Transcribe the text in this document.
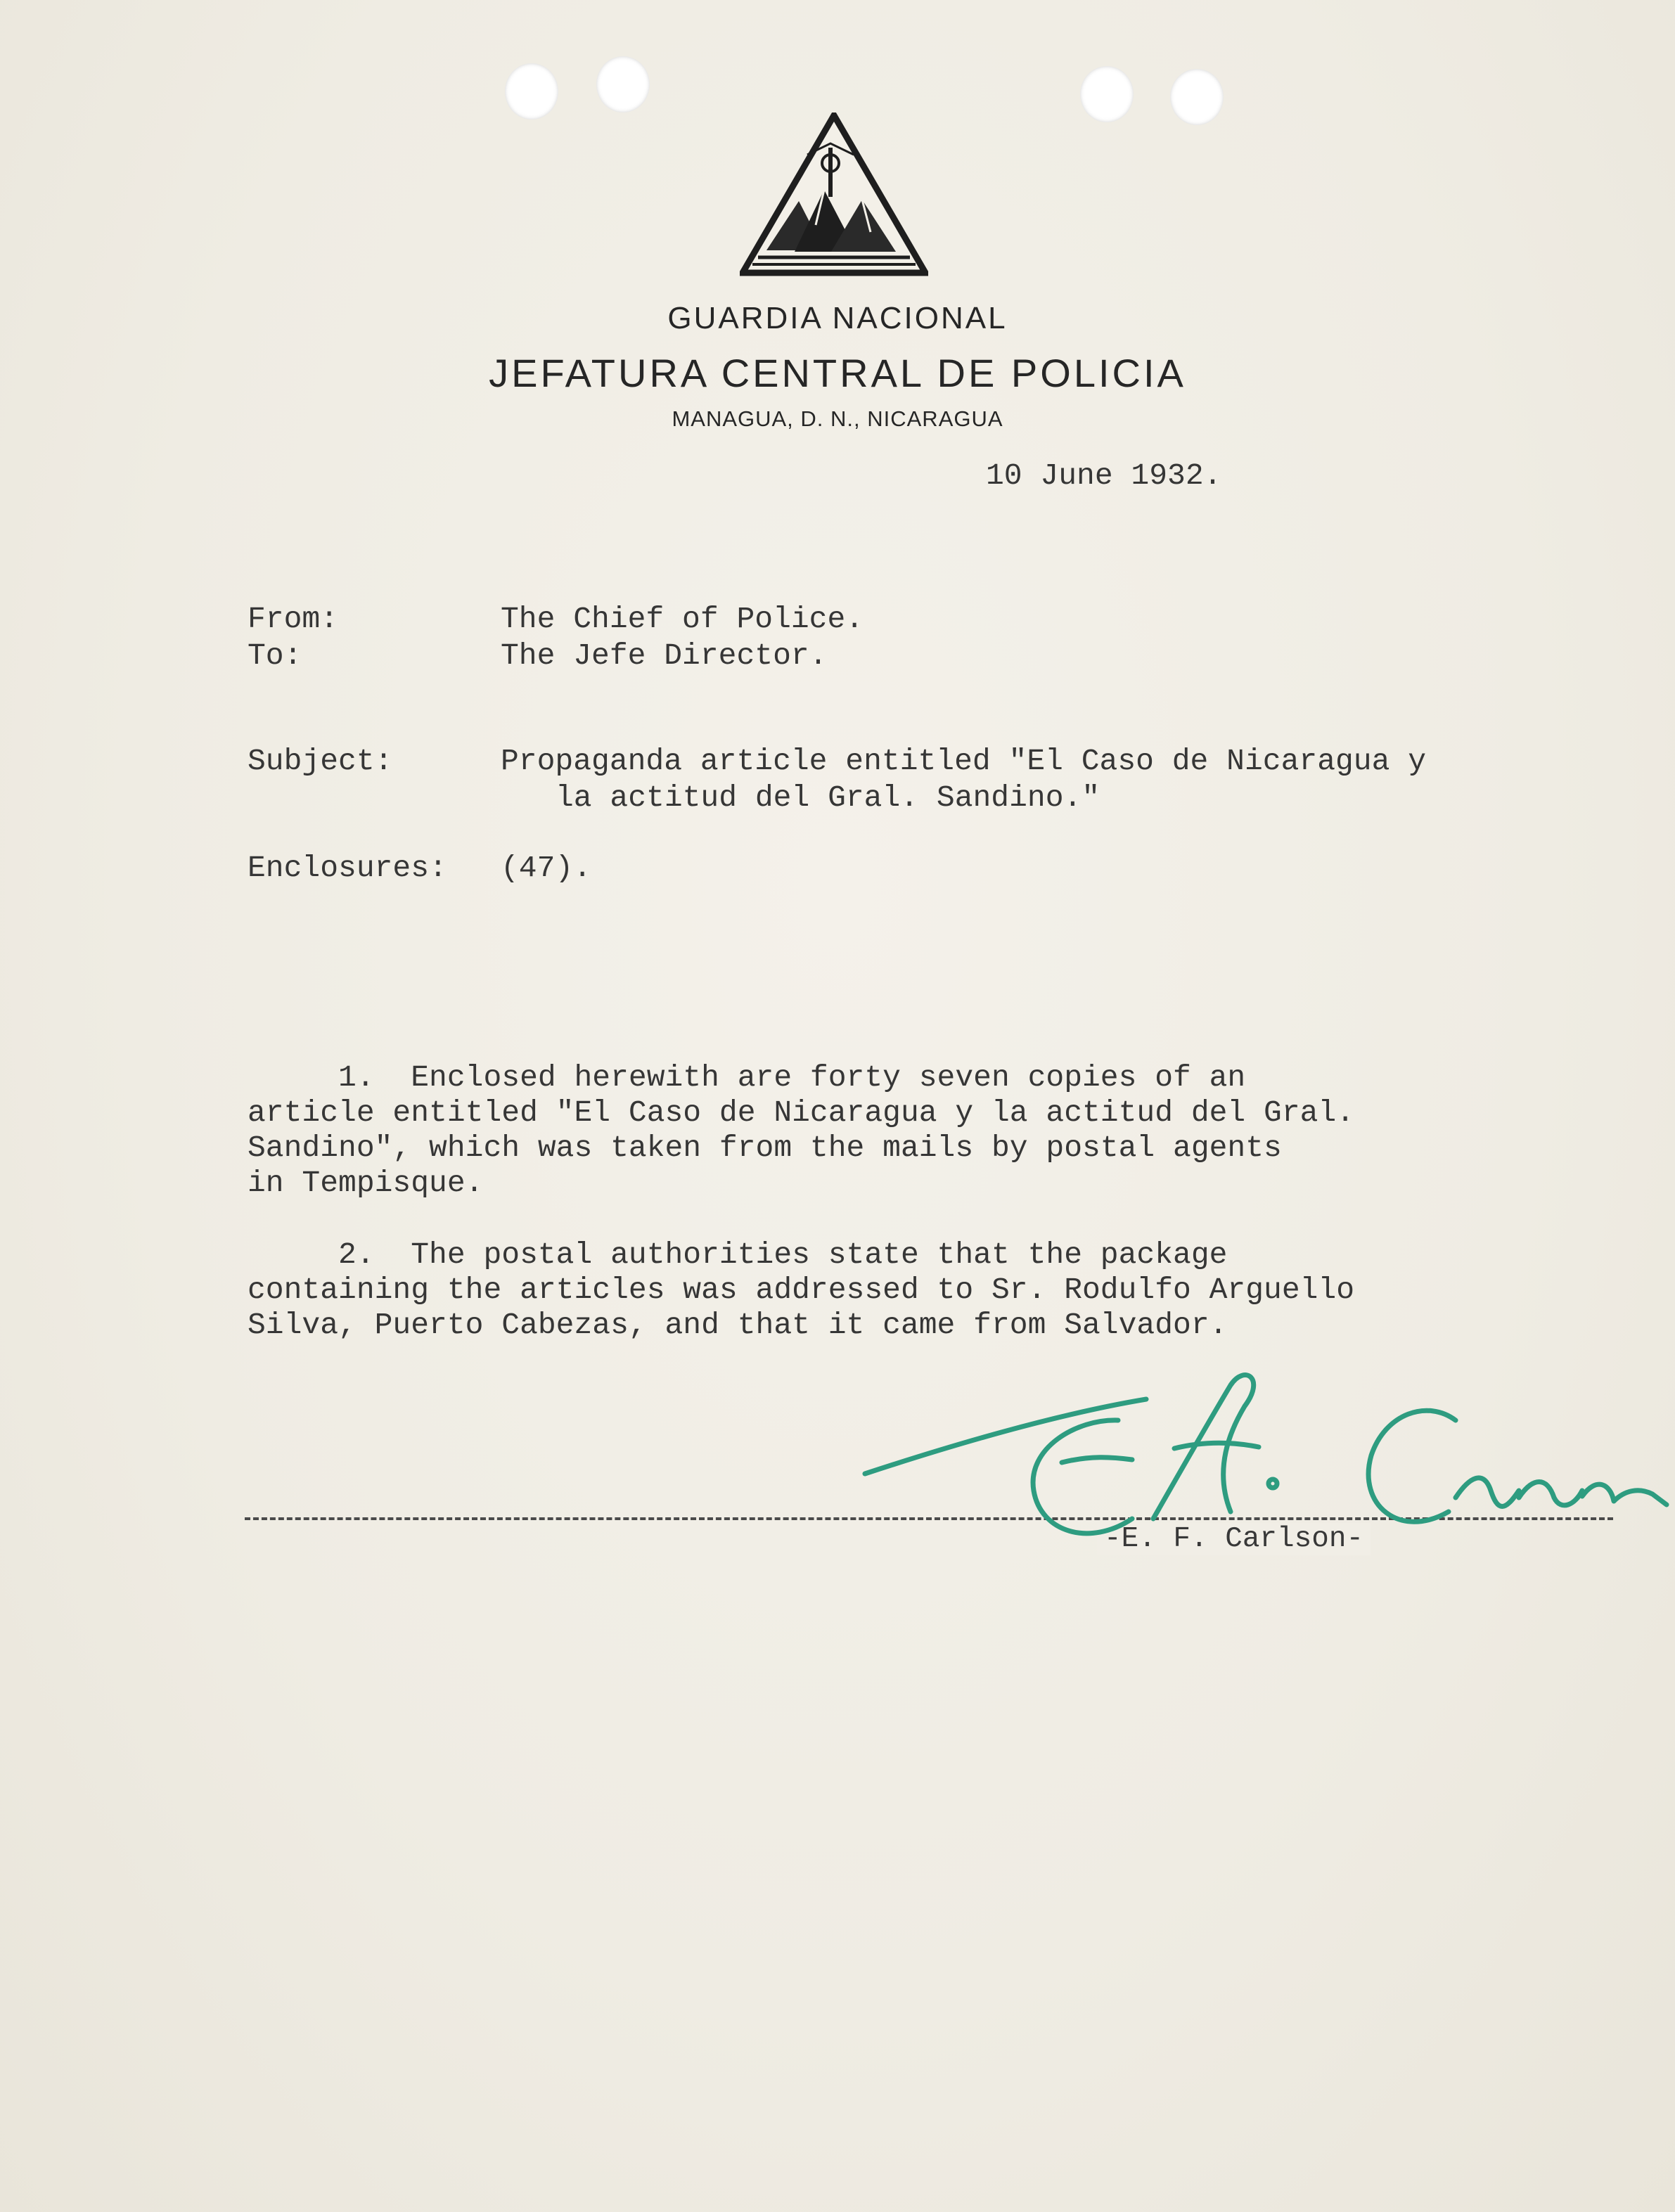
GUARDIA NACIONAL
JEFATURA CENTRAL DE POLICIA
MANAGUA, D. N., NICARAGUA
10 June 1932.
From:	The Chief of Police.
To:	The Jefe Director.
Subject:	Propaganda article entitled "El Caso de Nicaragua y
la actitud del Gral. Sandino."
Enclosures: (47).
1.  Enclosed herewith are forty seven copies of an
article entitled "El Caso de Nicaragua y la actitud del Gral.
Sandino", which was taken from the mails by postal agents
in Tempisque.
2.  The postal authorities state that the package
containing the articles was addressed to Sr. Rodulfo Arguello
Silva, Puerto Cabezas, and that it came from Salvador.
-E. F. Carlson-
